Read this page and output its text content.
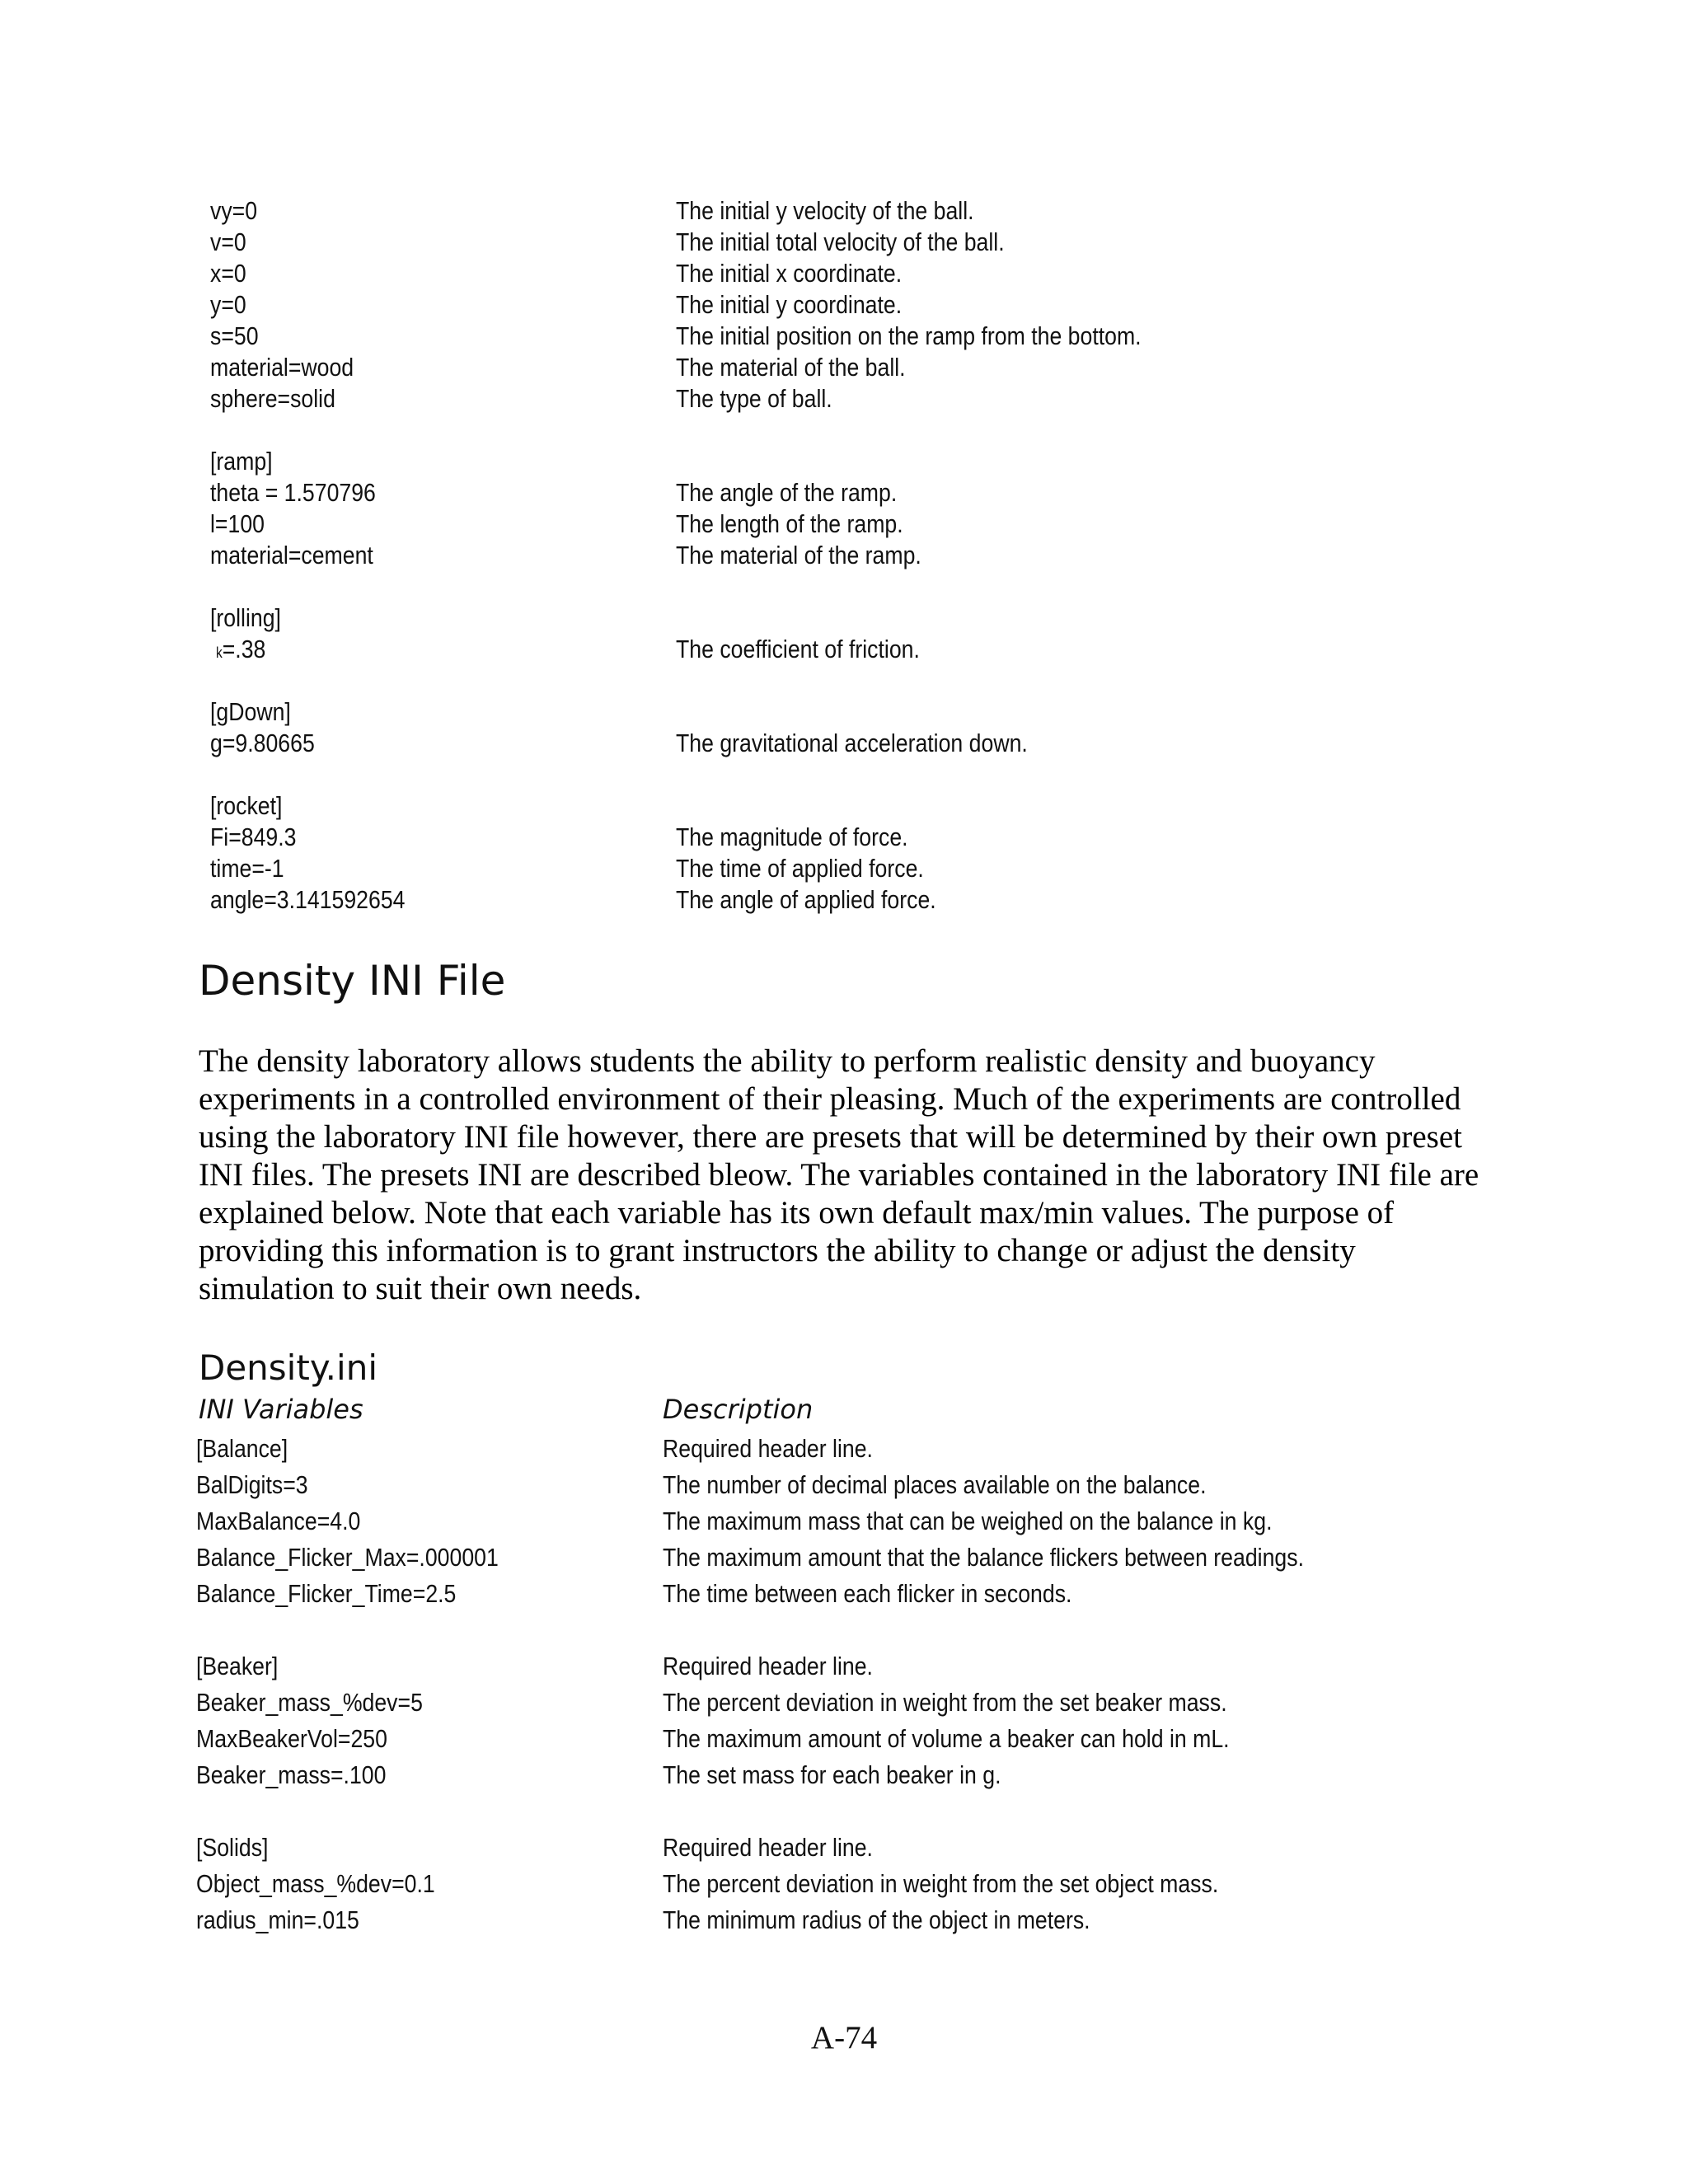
vy=0	The initial y velocity of the ball.
v=0	The initial total velocity of the ball.
x=0	The initial x coordinate.
y=0	The initial y coordinate.
s=50	The initial position on the ramp from the bottom.
material=wood	The material of the ball.
sphere=solid	The type of ball.
[ramp]
theta = 1.570796	The angle of the ramp.
l=100	The length of the ramp.
material=cement	The material of the ramp.
[rolling]
k=.38	The coefficient of friction.
[gDown]
g=9.80665	The gravitational acceleration down.
[rocket]
Fi=849.3	The magnitude of force.
time=-1	The time of applied force.
angle=3.141592654	The angle of applied force.
Density INI File

The density laboratory allows students the ability to perform realistic density and buoyancy experiments in a controlled environment of their pleasing. Much of the experiments are controlled using the laboratory INI file however, there are presets that will be determined by their own preset INI files. The presets INI are described bleow. The variables contained in the laboratory INI file are explained below. Note that each variable has its own default max/min values. The purpose of providing this information is to grant instructors the ability to change or adjust the density simulation to suit their own needs.

Density.ini
INI Variables	Description
[Balance]	Required header line.
BalDigits=3	The number of decimal places available on the balance.
MaxBalance=4.0	The maximum mass that can be weighed on the balance in kg.
Balance_Flicker_Max=.000001	The maximum amount that the balance flickers between readings.
Balance_Flicker_Time=2.5	The time between each flicker in seconds.
[Beaker]	Required header line.
Beaker_mass_%dev=5	The percent deviation in weight from the set beaker mass.
MaxBeakerVol=250	The maximum amount of volume a beaker can hold in mL.
Beaker_mass=.100	The set mass for each beaker in g.
[Solids]	Required header line.
Object_mass_%dev=0.1	The percent deviation in weight from the set object mass.
radius_min=.015	The minimum radius of the object in meters.
A-74
